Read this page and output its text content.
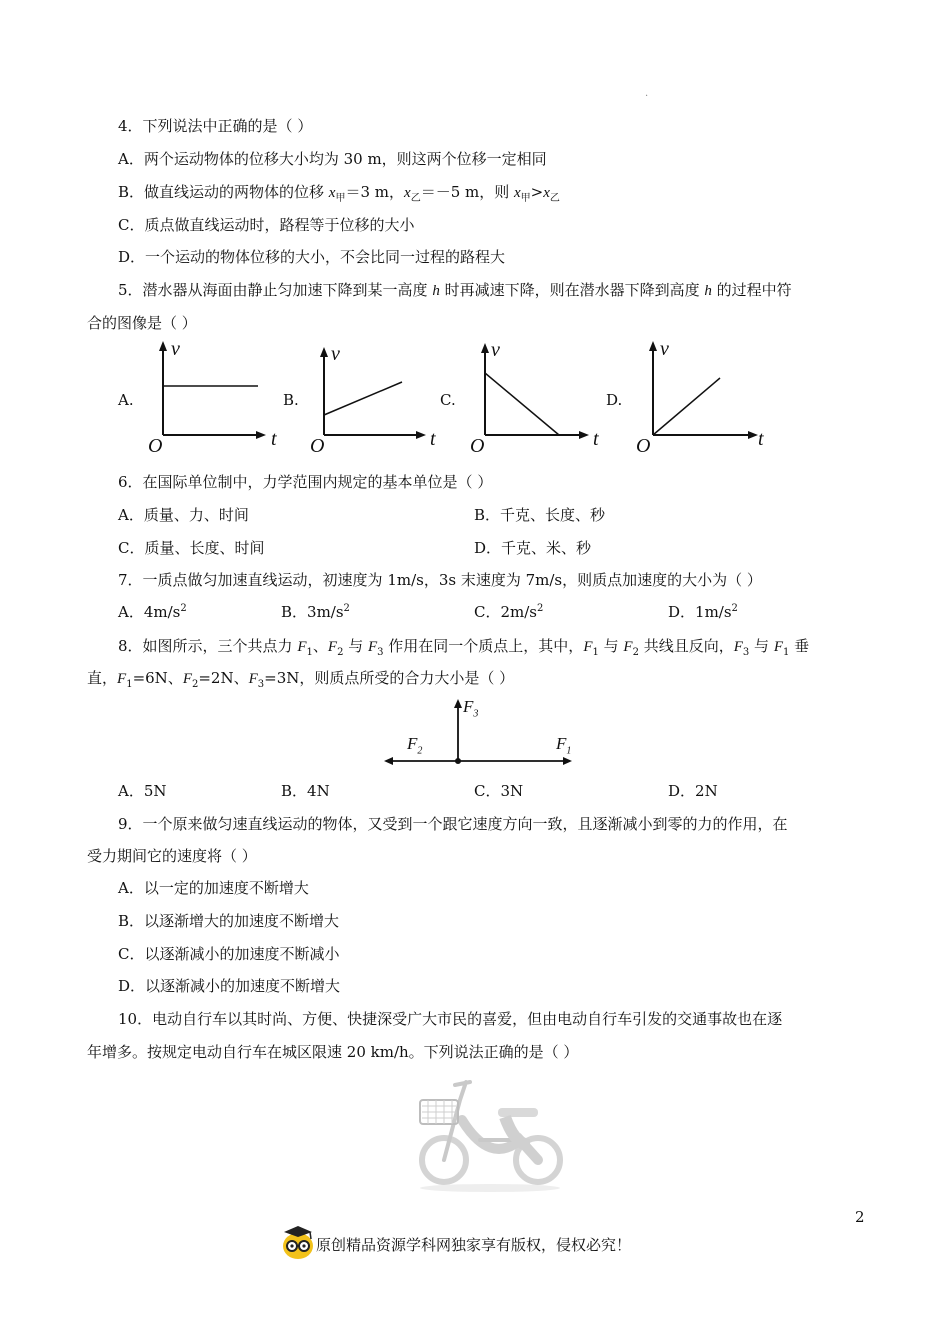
.
4．下列说法中正确的是（ ）
A．两个运动物体的位移大小均为 30 m，则这两个位移一定相同
B．做直线运动的两物体的位移 $x_甲=3$ m，$x_乙=-5$ m，则 $x_甲>x_乙$
C．质点做直线运动时，路程等于位移的大小
D．一个运动的物体位移的大小，不会比同一过程的路程大
5．潜水器从海面由静止匀加速下降到某一高度 h 时再减速下降，则在潜水器下降到高度 h 的过程中符
合的图像是（ ）
A.
v
t
O
B.
v
t
O
C.
v
t
O
D.
v
t
O
6．在国际单位制中，力学范围内规定的基本单位是（ ）
A．质量、力、时间	B．千克、长度、秒
C．质量、长度、时间	D．千克、米、秒
7．一质点做匀加速直线运动，初速度为 1m/s，3s 末速度为 7m/s，则质点加速度的大小为（ ）
A．$4m/s^2$	B．$3m/s^2$	C．$2m/s^2$	D．$1m/s^2$
8．如图所示，三个共点力 $F_1$、$F_2$ 与 $F_3$ 作用在同一个质点上，其中，$F_1$ 与 $F_2$ 共线且反向，$F_3$ 与 $F_1$ 垂
直，$F_1=6N$、$F_2=2N$、$F_3=3N$，则质点所受的合力大小是（ ）
$F_3$
$F_2$	$F_1$
A．5N	B．4N	C．3N	D．2N
9．一个原来做匀速直线运动的物体，又受到一个跟它速度方向一致，且逐渐减小到零的力的作用，在
受力期间它的速度将（ ）
A．以一定的加速度不断增大
B．以逐渐增大的加速度不断增大
C．以逐渐减小的加速度不断减小
D．以逐渐减小的加速度不断增大
10．电动自行车以其时尚、方便、快捷深受广大市民的喜爱，但由电动自行车引发的交通事故也在逐
年增多。按规定电动自行车在城区限速 20 km/h。下列说法正确的是（ ）
2
原创精品资源学科网独家享有版权，侵权必究！
